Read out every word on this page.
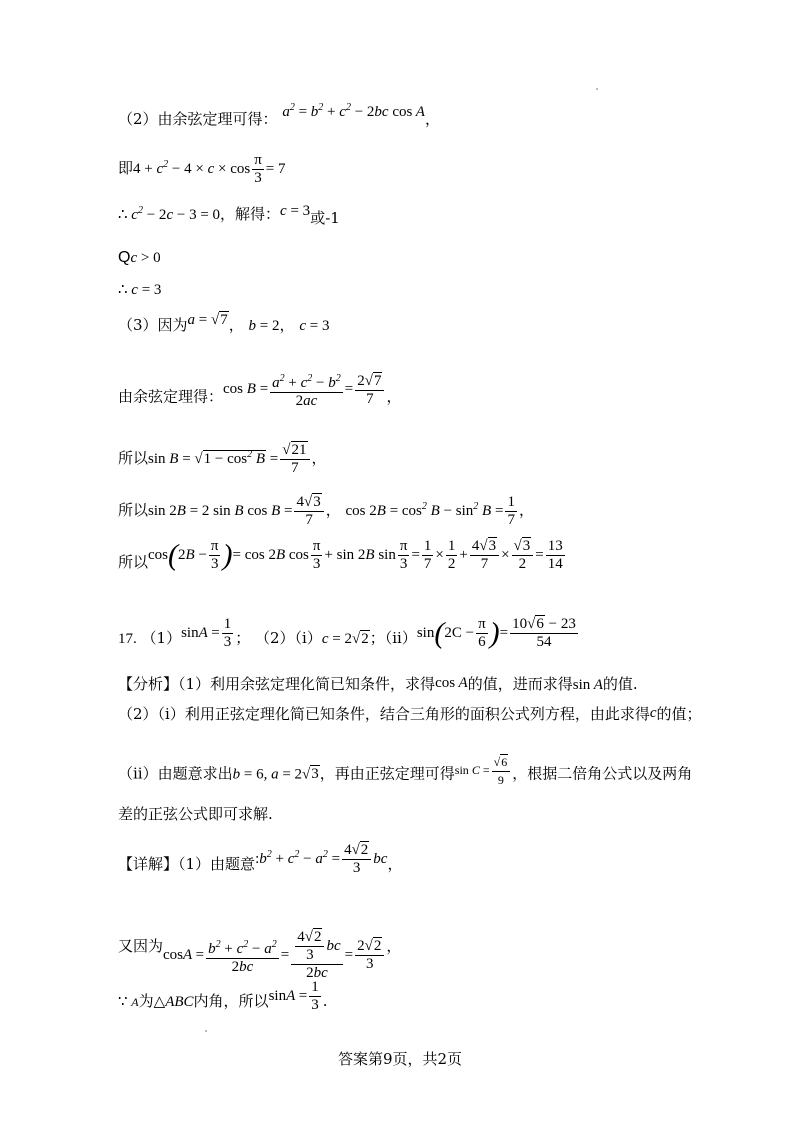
（2）由余弦定理可得： $a^2 = b^2 + c^2 - 2bc$ cos A，
即$4 + c^2 - 4 \times c \times \cos \frac{\pi}{3} = 7$
∴ $c^2 - 2c - 3 = 0$，解得：c = 3或-1
Qc > 0
∴ c = 3
（3）因为a = √7， b = 2， c = 3
由余弦定理得：$\cos B = \frac{a^2 + c^2 - b^2}{2ac} = \frac{2√7}{7}$ ，
所以$\sin B = √1 - \cos^2 B = \frac{√21}{7}$ ，
所以sin 2B = 2 sin B $\cos B = \frac{4√3}{7}$ ， $\cos 2B = \cos^2 B - \sin^2 B = \frac{1}{7}$ ，
所以$\cos(2B - \frac{\pi}{3}$ )= cos 2B $\cos \frac{\pi}{3} + \sin 2B$ $\sin \frac{\pi}{3} = \frac{1}{7} \times \frac{1}{2} + \frac{4√3}{7} \times \frac{√3}{2} = \frac{13}{14}$
17. $(1)\sin A = \frac{1}{3}$ ； （2）（i）c = 2√2；$(ii)\sin(2C - \frac{\pi}{6}$ )= $\frac{10√6 - 23}{54}$
【分析】（1）利用余弦定理化简已知条件，求得cos A的值，进而求得sin A的值.
（2）（i）利用正弦定理化简已知条件，结合三角形的面积公式列方程，由此求得c的值；
（ii）由题意求出b = 6, a = 2√3，再由正弦定理可得$^{sin C = \frac{√6}{9}}$ ，根据二倍角公式以及两角
差的正弦公式即可求解.
【详解】（1）由题意$:b^2 + c^2 - a^2 = \frac{4√2}{3}$ bc，
又因为$\cos A = \frac{b^2 + c^2 - a^2}{2bc} = \frac{\frac{4√2}{3} bc}{2bc} = \frac{2√2}{3}$ ，
∵ A为△ABC内角，所以$\sin A = \frac{1}{3}$ .
答案第9页，共2页
